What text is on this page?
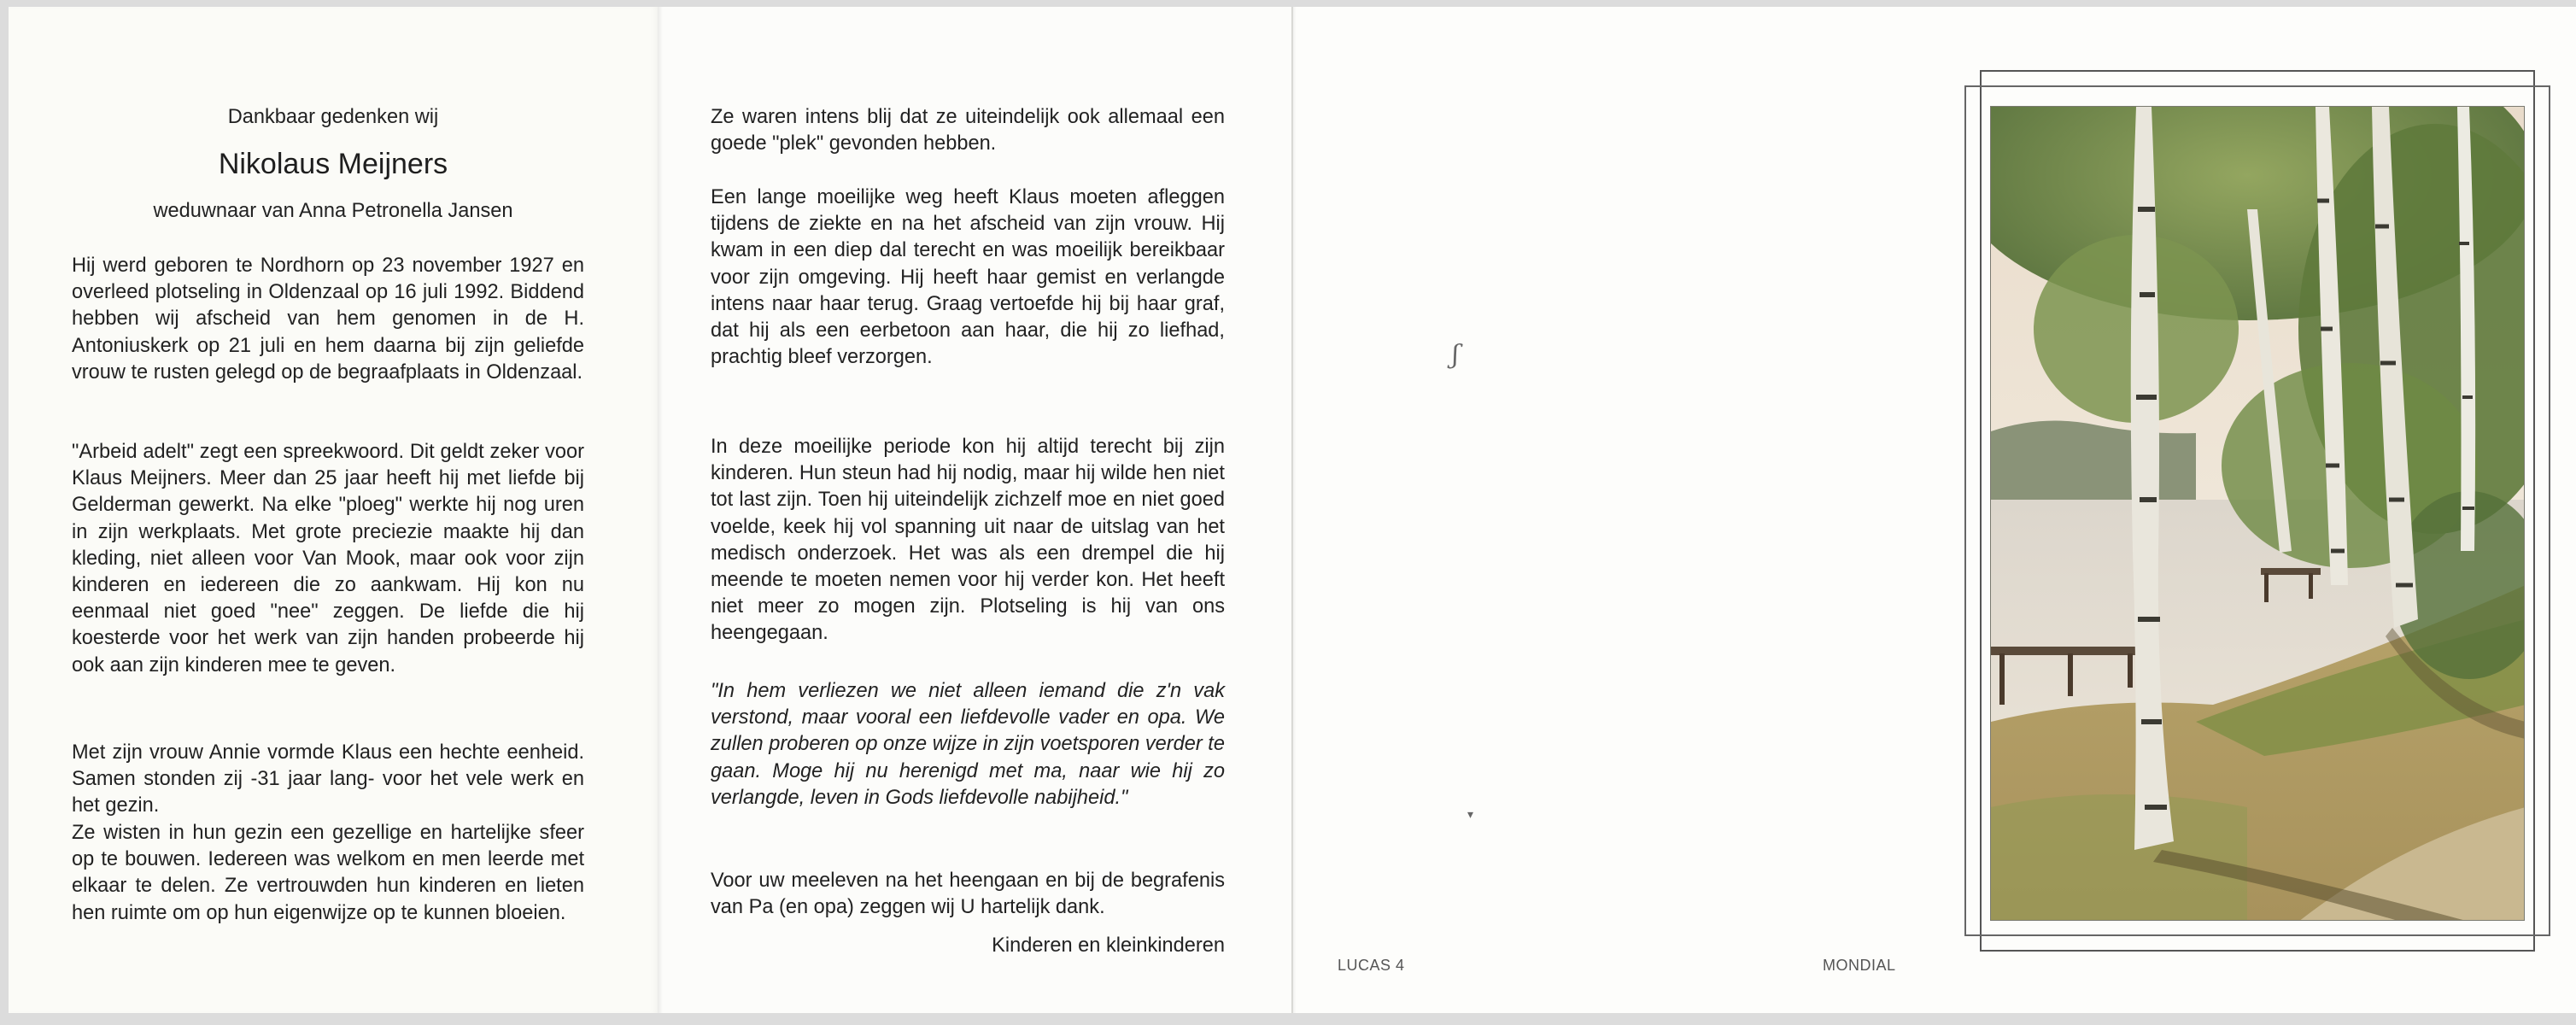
Dankbaar gedenken wij

Nikolaus Meijners

weduwnaar van Anna Petronella Jansen

Hij werd geboren te Nordhorn op 23 november 1927 en overleed plotseling in Oldenzaal op 16 juli 1992. Biddend hebben wij afscheid van hem genomen in de H. Antoniuskerk op 21 juli en hem daarna bij zijn geliefde vrouw te rusten gelegd op de begraafplaats in Oldenzaal.

"Arbeid adelt" zegt een spreekwoord. Dit geldt zeker voor Klaus Meijners. Meer dan 25 jaar heeft hij met liefde bij Gelderman gewerkt. Na elke "ploeg" werkte hij nog uren in zijn werkplaats. Met grote preciezie maakte hij dan kleding, niet alleen voor Van Mook, maar ook voor zijn kinderen en iedereen die zo aankwam. Hij kon nu eenmaal niet goed "nee" zeggen. De liefde die hij koesterde voor het werk van zijn handen probeerde hij ook aan zijn kinderen mee te geven.

Met zijn vrouw Annie vormde Klaus een hechte eenheid. Samen stonden zij -31 jaar lang- voor het vele werk en het gezin.

Ze wisten in hun gezin een gezellige en hartelijke sfeer op te bouwen. Iedereen was welkom en men leerde met elkaar te delen. Ze vertrouwden hun kinderen en lieten hen ruimte om op hun eigenwijze op te kunnen bloeien.

Ze waren intens blij dat ze uiteindelijk ook allemaal een goede "plek" gevonden hebben.

Een lange moeilijke weg heeft Klaus moeten afleggen tijdens de ziekte en na het afscheid van zijn vrouw. Hij kwam in een diep dal terecht en was moeilijk bereikbaar voor zijn omgeving. Hij heeft haar gemist en verlangde intens naar haar terug. Graag vertoefde hij bij haar graf, dat hij als een eerbetoon aan haar, die hij zo liefhad, prachtig bleef verzorgen.

In deze moeilijke periode kon hij altijd terecht bij zijn kinderen. Hun steun had hij nodig, maar hij wilde hen niet tot last zijn. Toen hij uiteindelijk zichzelf moe en niet goed voelde, keek hij vol spanning uit naar de uitslag van het medisch onderzoek. Het was als een drempel die hij meende te moeten nemen voor hij verder kon. Het heeft niet meer zo mogen zijn. Plotseling is hij van ons heengegaan.

"In hem verliezen we niet alleen iemand die z'n vak verstond, maar vooral een liefdevolle vader en opa. We zullen proberen op onze wijze in zijn voetsporen verder te gaan. Moge hij nu herenigd met ma, naar wie hij zo verlangde, leven in Gods liefdevolle nabijheid."

Voor uw meeleven na het heengaan en bij de begrafenis van Pa (en opa) zeggen wij U hartelijk dank.

Kinderen en kleinkinderen

ʃ
▾
LUCAS 4	MONDIAL
